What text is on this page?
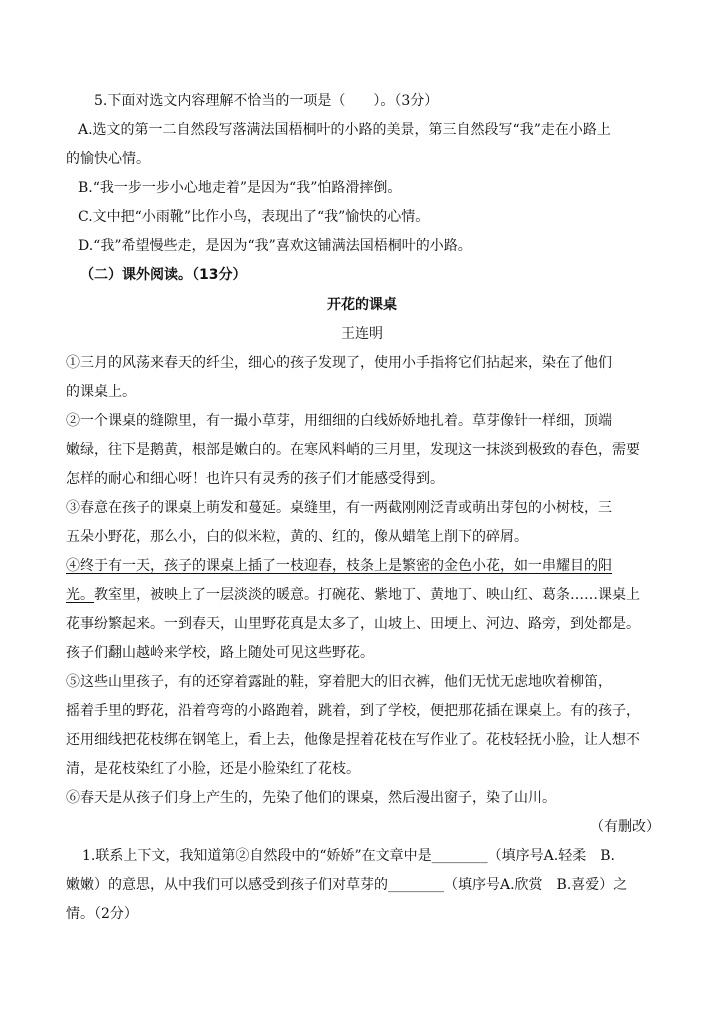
5.下面对选文内容理解不恰当的一项是（　　）。（3分）
A.选文的第一二自然段写落满法国梧桐叶的小路的美景，第三自然段写“我”走在小路上
的愉快心情。
B.“我一步一步小心地走着”是因为“我”怕路滑摔倒。
C.文中把“小雨靴”比作小鸟，表现出了“我”愉快的心情。
D.“我”希望慢些走，是因为“我”喜欢这铺满法国梧桐叶的小路。
（二）课外阅读。（13分）
开花的课桌
王连明
①三月的风荡来春天的纤尘，细心的孩子发现了，使用小手指将它们拈起来，染在了他们
的课桌上。
②一个课桌的缝隙里，有一撮小草芽，用细细的白线娇娇地扎着。草芽像针一样细，顶端
嫩绿，往下是鹅黄，根部是嫩白的。在寒风料峭的三月里，发现这一抹淡到极致的春色，需要
怎样的耐心和细心呀！也许只有灵秀的孩子们才能感受得到。
③春意在孩子的课桌上萌发和蔓延。桌缝里，有一两截刚刚泛青或萌出芽包的小树枝，三
五朵小野花，那么小，白的似米粒，黄的、红的，像从蜡笔上削下的碎屑。
④终于有一天，孩子的课桌上插了一枝迎春，枝条上是繁密的金色小花，如一串耀目的阳
光。教室里，被映上了一层淡淡的暖意。打碗花、紫地丁、黄地丁、映山红、葛条……课桌上
花事纷繁起来。一到春天，山里野花真是太多了，山坡上、田埂上、河边、路旁，到处都是。
孩子们翻山越岭来学校，路上随处可见这些野花。
⑤这些山里孩子，有的还穿着露趾的鞋，穿着肥大的旧衣裤，他们无忧无虑地吹着柳笛，
摇着手里的野花，沿着弯弯的小路跑着，跳着，到了学校，便把那花插在课桌上。有的孩子，
还用细线把花枝绑在钢笔上，看上去，他像是捏着花枝在写作业了。花枝轻抚小脸，让人想不
清，是花枝染红了小脸，还是小脸染红了花枝。
⑥春天是从孩子们身上产生的，先染了他们的课桌，然后漫出窗子，染了山川。
（有删改）
1.联系上下文，我知道第②自然段中的“娇娇”在文章中是________（填序号A.轻柔　B.
嫩嫩）的意思，从中我们可以感受到孩子们对草芽的________（填序号A.欣赏　B.喜爱）之
情。（2分）
